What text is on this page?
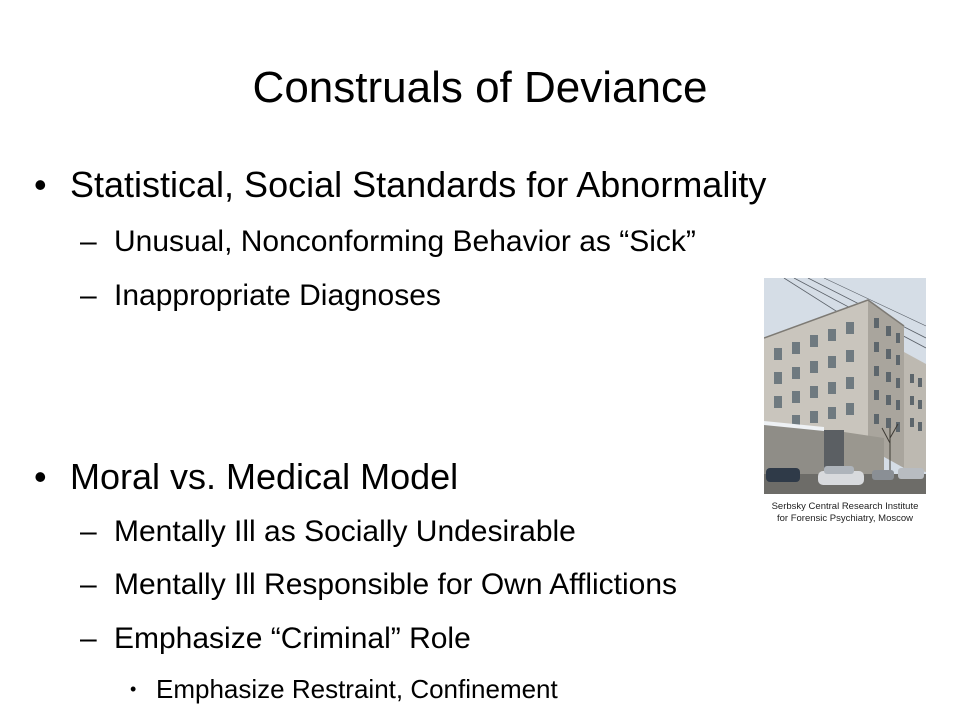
Construals of Deviance
• Statistical, Social Standards for Abnormality
– Unusual, Nonconforming Behavior as “Sick”
– Inappropriate Diagnoses
• Moral vs. Medical Model
– Mentally Ill as Socially Undesirable
– Mentally Ill Responsible for Own Afflictions
– Emphasize “Criminal” Role
• Emphasize Restraint, Confinement
Serbsky Central Research Institute
for Forensic Psychiatry, Moscow
